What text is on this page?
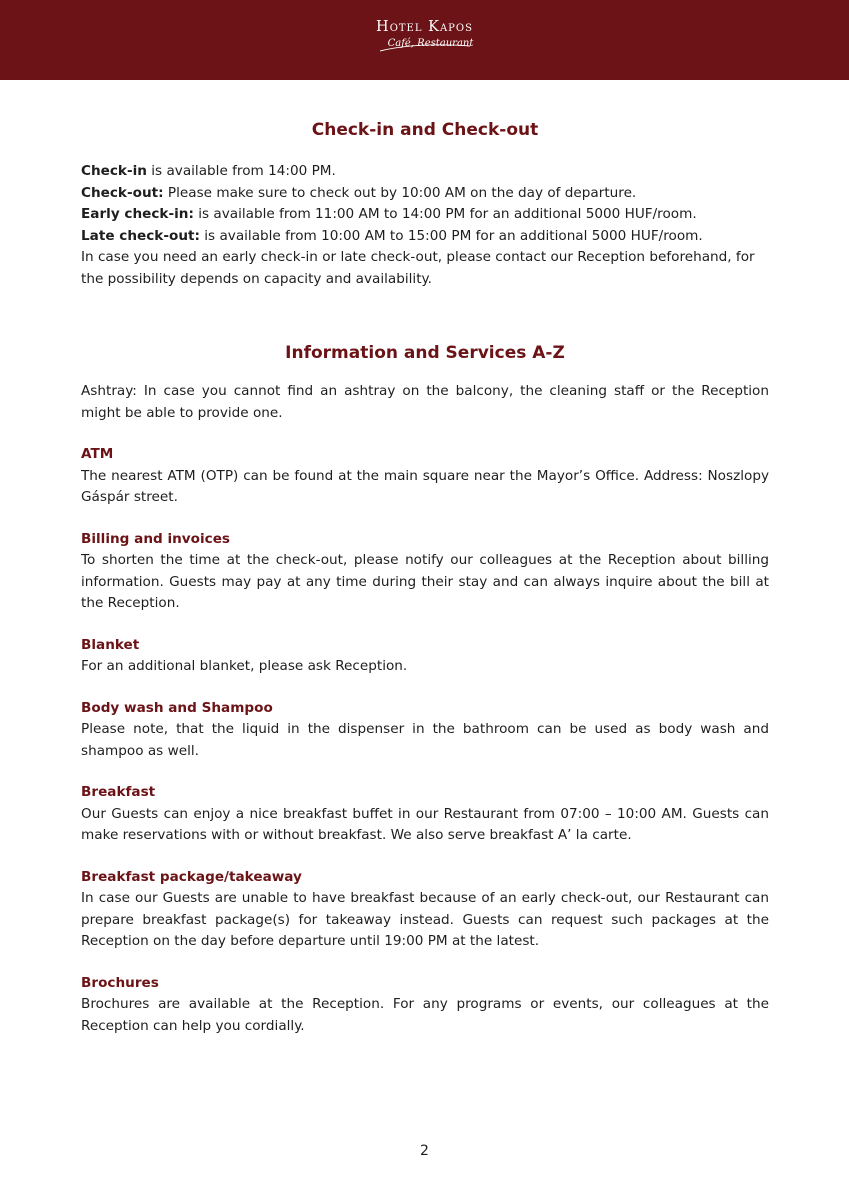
Hotel Kapos
Café, Restaurant
Check-in and Check-out

Check-in is available from 14:00 PM.

Check-out: Please make sure to check out by 10:00 AM on the day of departure.

Early check-in: is available from 11:00 AM to 14:00 PM for an additional 5000 HUF/room.

Late check-out: is available from 10:00 AM to 15:00 PM for an additional 5000 HUF/room.

In case you need an early check-in or late check-out, please contact our Reception beforehand, for the possibility depends on capacity and availability.

Information and Services A-Z

Ashtray: In case you cannot find an ashtray on the balcony, the cleaning staff or the Reception might be able to provide one.

ATM

The nearest ATM (OTP) can be found at the main square near the Mayor’s Office. Address: Noszlopy Gáspár street.

Billing and invoices

To shorten the time at the check-out, please notify our colleagues at the Reception about billing information. Guests may pay at any time during their stay and can always inquire about the bill at the Reception.

Blanket

For an additional blanket, please ask Reception.

Body wash and Shampoo

Please note, that the liquid in the dispenser in the bathroom can be used as body wash and shampoo as well.

Breakfast

Our Guests can enjoy a nice breakfast buffet in our Restaurant from 07:00 – 10:00 AM. Guests can make reservations with or without breakfast. We also serve breakfast A’ la carte.

Breakfast package/takeaway

In case our Guests are unable to have breakfast because of an early check-out, our Restaurant can prepare breakfast package(s) for takeaway instead. Guests can request such packages at the Reception on the day before departure until 19:00 PM at the latest.

Brochures

Brochures are available at the Reception. For any programs or events, our colleagues at the Reception can help you cordially.

2
